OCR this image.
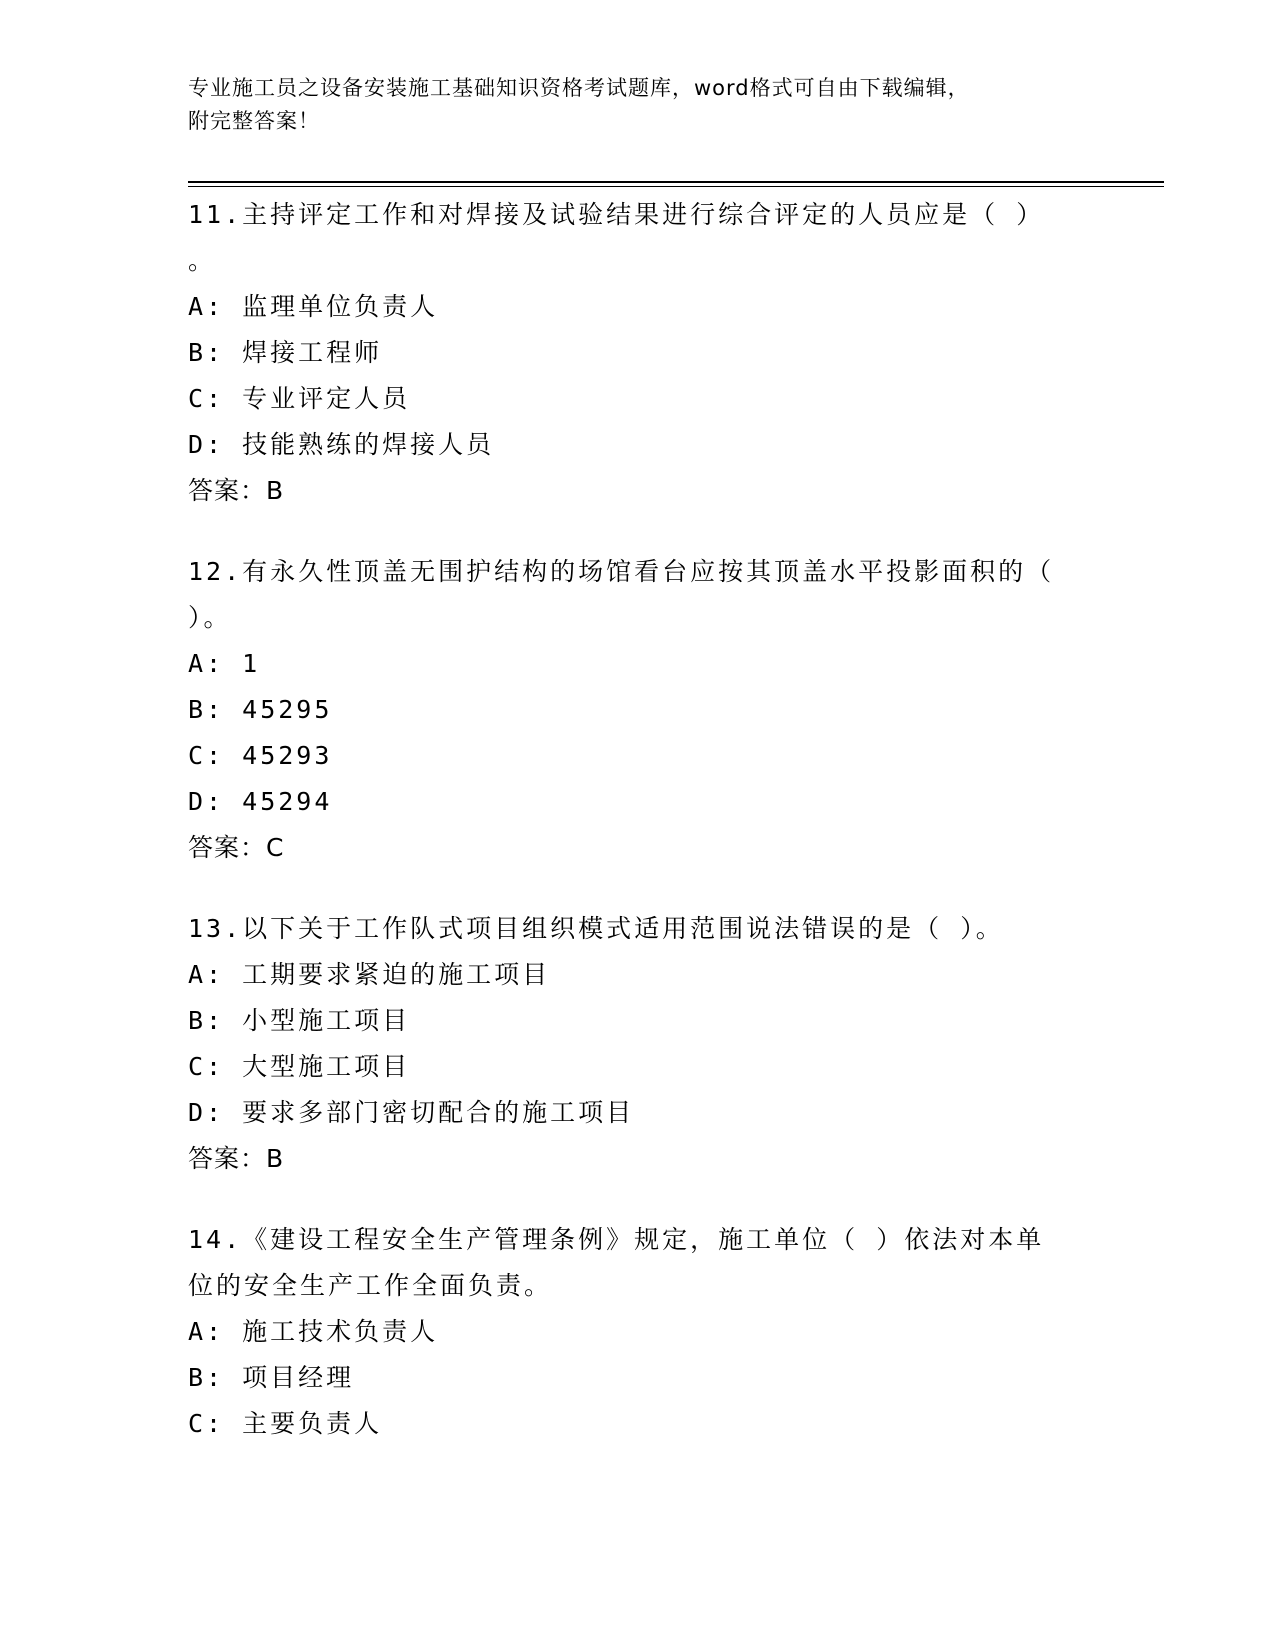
专业施工员之设备安装施工基础知识资格考试题库，word格式可自由下载编辑，
附完整答案！
11.主持评定工作和对焊接及试验结果进行综合评定的人员应是（ ）
。
A: 监理单位负责人
B: 焊接工程师
C: 专业评定人员
D: 技能熟练的焊接人员
答案：B
12.有永久性顶盖无围护结构的场馆看台应按其顶盖水平投影面积的（
）。
A: 1
B: 45295
C: 45293
D: 45294
答案：C
13.以下关于工作队式项目组织模式适用范围说法错误的是（ ）。
A: 工期要求紧迫的施工项目
B: 小型施工项目
C: 大型施工项目
D: 要求多部门密切配合的施工项目
答案：B
14.《建设工程安全生产管理条例》规定，施工单位（ ）依法对本单
位的安全生产工作全面负责。
A: 施工技术负责人
B: 项目经理
C: 主要负责人
